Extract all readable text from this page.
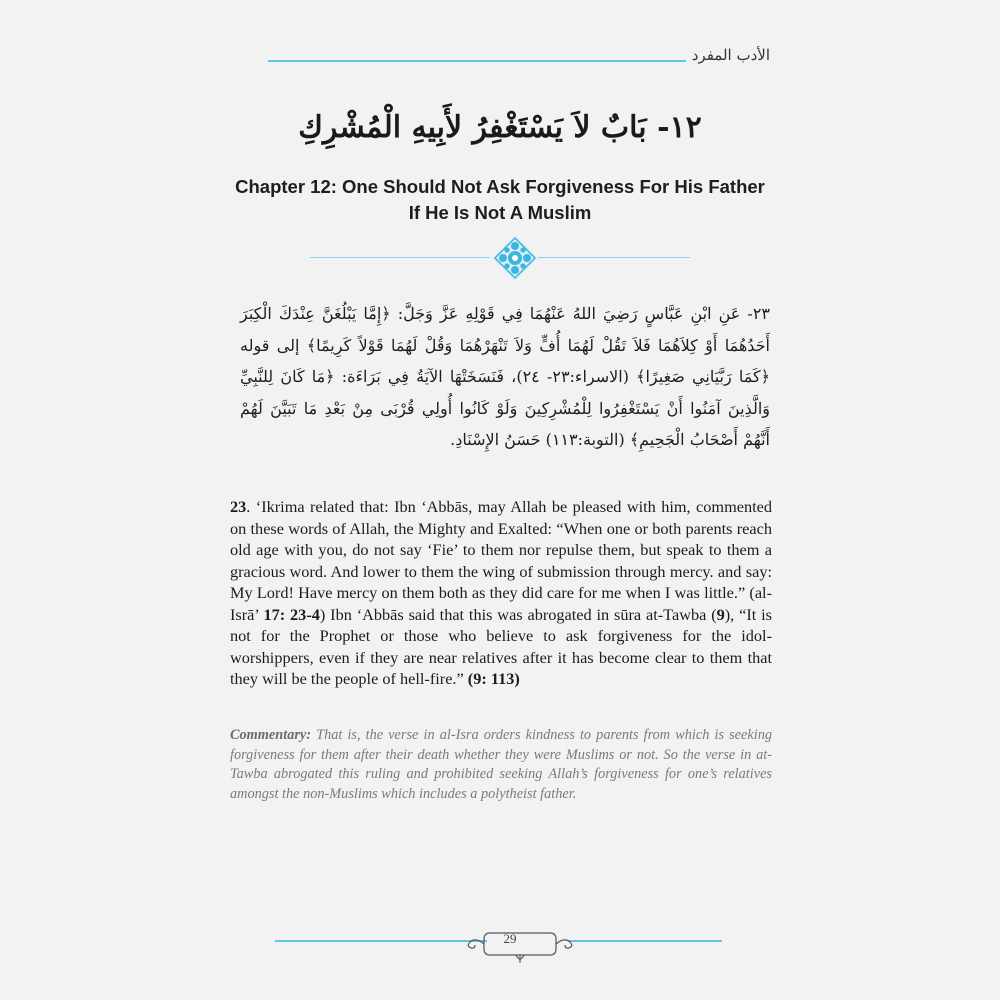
الأدب المفرد
١٢- بَابٌ لاَ يَسْتَغْفِرُ لأَبِيهِ الْمُشْرِكِ
Chapter 12: One Should Not Ask Forgiveness For His Father
If He Is Not A Muslim
٢٣- عَنِ ابْنِ عَبَّاسٍ رَضِيَ اللهُ عَنْهُمَا فِي قَوْلِهِ عَزَّ وَجَلَّ: ﴿إِمَّا يَبْلُغَنَّ عِنْدَكَ الْكِبَرَ أَحَدُهُمَا أَوْ كِلاَهُمَا فَلاَ تَقُلْ لَهُمَا أُفٍّ وَلاَ تَنْهَرْهُمَا وَقُلْ لَهُمَا قَوْلاً كَرِيمًا﴾ إلى قوله ﴿كَمَا رَبَّيَانِي صَغِيرًا﴾ (الاسراء:٢٣- ٢٤)، فَنَسَخَتْهَا الآيَةُ فِي بَرَاءَة: ﴿مَا كَانَ لِلنَّبِيِّ وَالَّذِينَ آمَنُوا أَنْ يَسْتَغْفِرُوا لِلْمُشْرِكِينَ وَلَوْ كَانُوا أُولِي قُرْبَى مِنْ بَعْدِ مَا تَبَيَّنَ لَهُمْ أَنَّهُمْ أَصْحَابُ الْجَحِيمِ﴾ (التوبة:١١٣) حَسَنُ الإِسْنَادِ.
23. ‘Ikrima related that: Ibn ‘Abbās, may Allah be pleased with him, commented on these words of Allah, the Mighty and Exalted: “When one or both parents reach old age with you, do not say ‘Fie’ to them nor repulse them, but speak to them a gracious word. And lower to them the wing of submission through mercy. and say: My Lord! Have mercy on them both as they did care for me when I was little.” (al-Isrā’ 17: 23-4) Ibn ‘Abbās said that this was abrogated in sūra at-Tawba (9), “It is not for the Prophet or those who believe to ask forgiveness for the idol-worshippers, even if they are near relatives after it has become clear to them that they will be the people of hell-fire.” (9: 113)
Commentary: That is, the verse in al-Isra orders kindness to parents from which is seeking forgiveness for them after their death whether they were Muslims or not. So the verse in at-Tawba abrogated this ruling and prohibited seeking Allah’s forgiveness for one’s relatives amongst the non-Muslims which includes a polytheist father.
29
